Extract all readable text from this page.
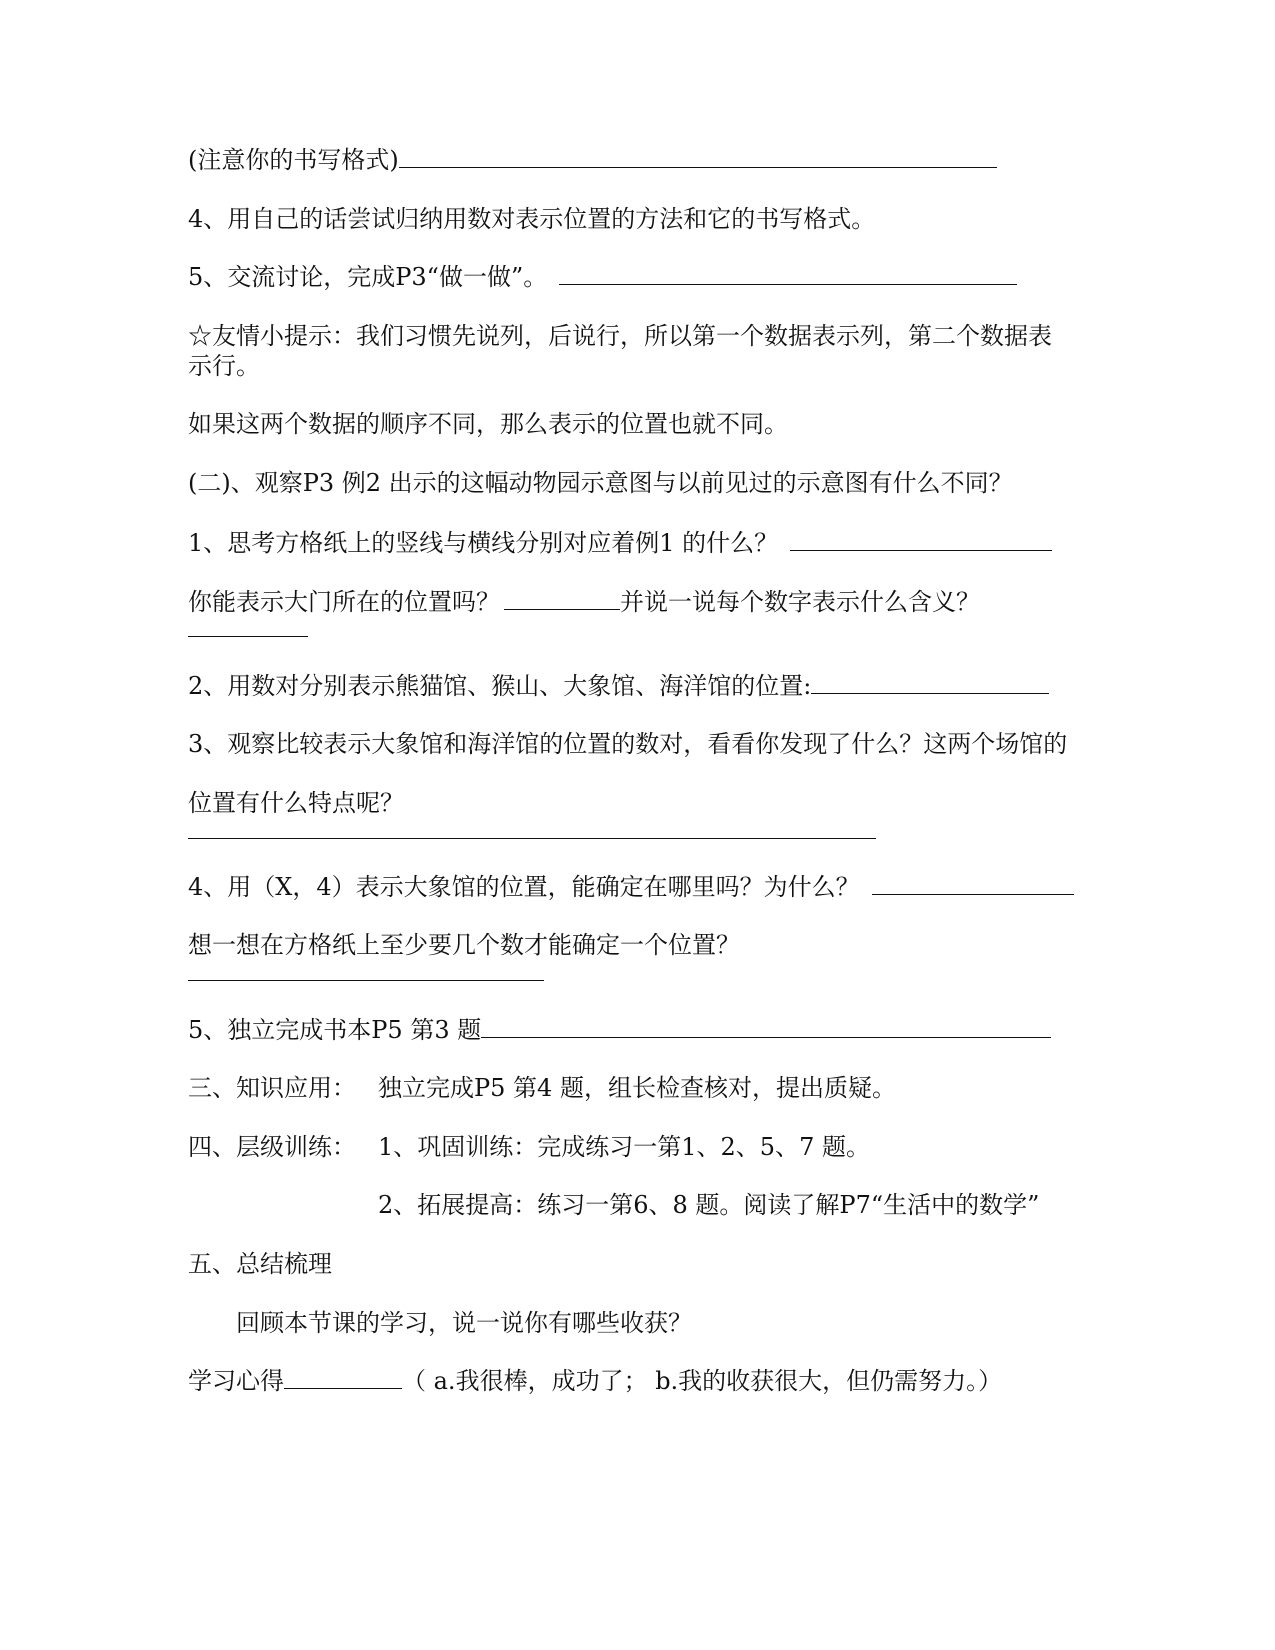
(注意你的书写格式)
4、用自己的话尝试归纳用数对表示位置的方法和它的书写格式。
5、交流讨论，完成P3“做一做”。
☆友情小提示：我们习惯先说列，后说行，所以第一个数据表示列，第二个数据表
示行。
如果这两个数据的顺序不同，那么表示的位置也就不同。
(二)、观察P3 例2 出示的这幅动物园示意图与以前见过的示意图有什么不同？
1、思考方格纸上的竖线与横线分别对应着例1 的什么？
你能表示大门所在的位置吗？	并说一说每个数字表示什么含义？
2、用数对分别表示熊猫馆、猴山、大象馆、海洋馆的位置:
3、观察比较表示大象馆和海洋馆的位置的数对，看看你发现了什么？这两个场馆的
位置有什么特点呢？
4、用（X，4）表示大象馆的位置，能确定在哪里吗？为什么？
想一想在方格纸上至少要几个数才能确定一个位置？
5、独立完成书本P5 第3 题
三、知识应用： 独立完成P5 第4 题，组长检查核对，提出质疑。
四、层级训练： 1、巩固训练：完成练习一第1、2、5、7 题。
2、拓展提高：练习一第6、8 题。阅读了解P7“生活中的数学”
五、总结梳理
回顾本节课的学习，说一说你有哪些收获？
学习心得	（ a.我很棒，成功了； b.我的收获很大，但仍需努力。）
